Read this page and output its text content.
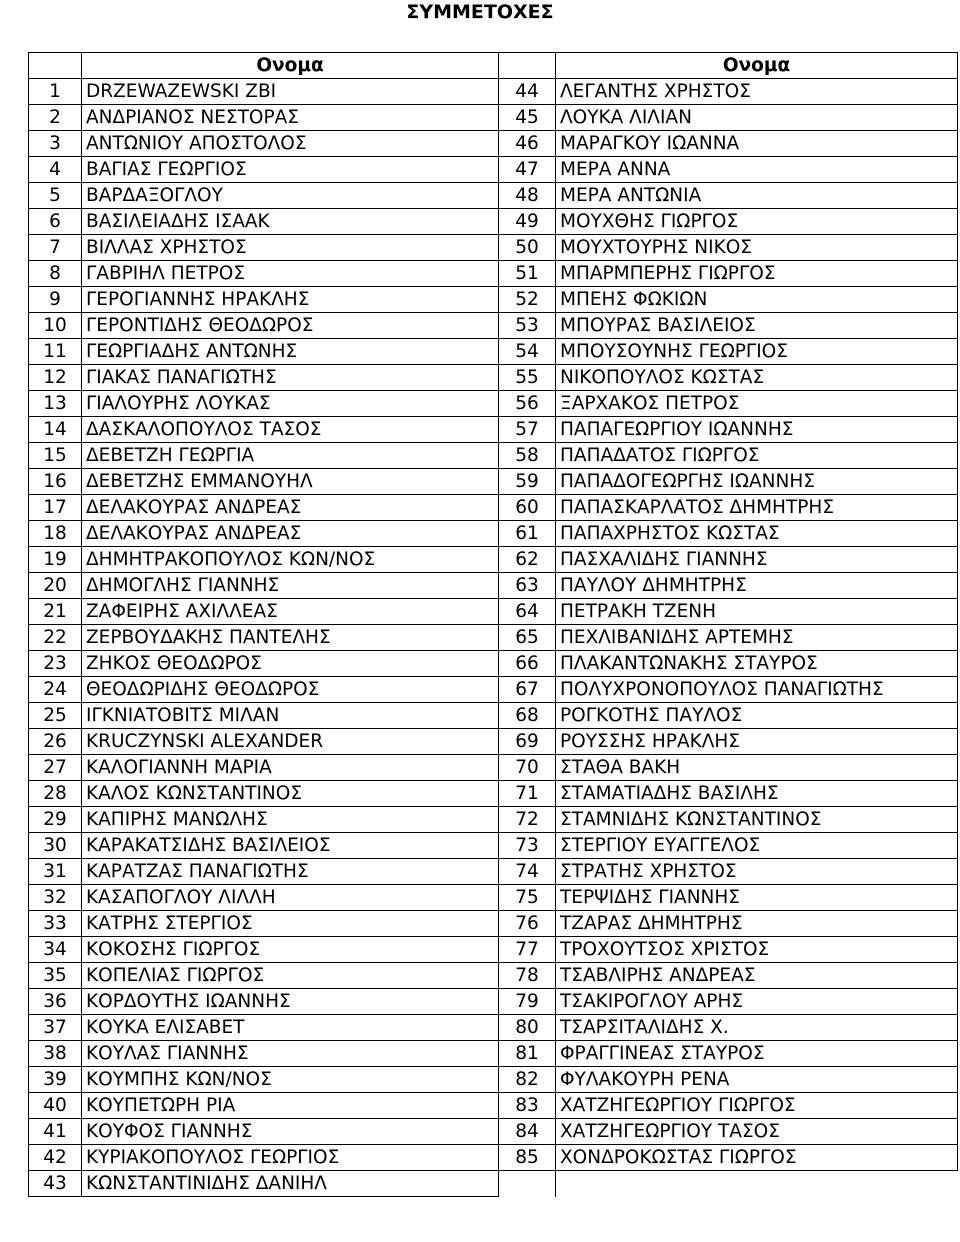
ΣΥΜΜΕΤΟΧΕΣ
	Ονομα		Ονομα
1	DRZEWAZEWSKI ZBI	44	ΛΕΓΑΝΤΗΣ ΧΡΗΣΤΟΣ
2	ΑΝΔΡΙΑΝΟΣ ΝΕΣΤΟΡΑΣ	45	ΛΟΥΚΑ ΛΙΛΙΑΝ
3	ΑΝΤΩΝΙΟΥ ΑΠΟΣΤΟΛΟΣ	46	ΜΑΡΑΓΚΟΥ ΙΩΑΝΝΑ
4	ΒΑΓΙΑΣ ΓΕΩΡΓΙΟΣ	47	ΜΕΡΑ ΑΝΝΑ
5	ΒΑΡΔΑΞΟΓΛΟΥ	48	ΜΕΡΑ ΑΝΤΩΝΙΑ
6	ΒΑΣΙΛΕΙΑΔΗΣ ΙΣΑΑΚ	49	ΜΟΥΧΘΗΣ ΓΙΩΡΓΟΣ
7	ΒΙΛΛΑΣ ΧΡΗΣΤΟΣ	50	ΜΟΥΧΤΟΥΡΗΣ ΝΙΚΟΣ
8	ΓΑΒΡΙΗΛ ΠΕΤΡΟΣ	51	ΜΠΑΡΜΠΕΡΗΣ ΓΙΩΡΓΟΣ
9	ΓΕΡΟΓΙΑΝΝΗΣ ΗΡΑΚΛΗΣ	52	ΜΠΕΗΣ ΦΩΚΙΩΝ
10	ΓΕΡΟΝΤΙΔΗΣ ΘΕΟΔΩΡΟΣ	53	ΜΠΟΥΡΑΣ ΒΑΣΙΛΕΙΟΣ
11	ΓΕΩΡΓΙΑΔΗΣ ΑΝΤΩΝΗΣ	54	ΜΠΟΥΣΟΥΝΗΣ ΓΕΩΡΓΙΟΣ
12	ΓΙΑΚΑΣ ΠΑΝΑΓΙΩΤΗΣ	55	ΝΙΚΟΠΟΥΛΟΣ ΚΩΣΤΑΣ
13	ΓΙΑΛΟΥΡΗΣ ΛΟΥΚΑΣ	56	ΞΑΡΧΑΚΟΣ ΠΕΤΡΟΣ
14	ΔΑΣΚΑΛΟΠΟΥΛΟΣ ΤΑΣΟΣ	57	ΠΑΠΑΓΕΩΡΓΙΟΥ ΙΩΑΝΝΗΣ
15	ΔΕΒΕΤΖΗ ΓΕΩΡΓΙΑ	58	ΠΑΠΑΔΑΤΟΣ ΓΙΩΡΓΟΣ
16	ΔΕΒΕΤΖΗΣ ΕΜΜΑΝΟΥΗΛ	59	ΠΑΠΑΔΟΓΕΩΡΓΗΣ ΙΩΑΝΝΗΣ
17	ΔΕΛΑΚΟΥΡΑΣ ΑΝΔΡΕΑΣ	60	ΠΑΠΑΣΚΑΡΛΑΤΟΣ ΔΗΜΗΤΡΗΣ
18	ΔΕΛΑΚΟΥΡΑΣ ΑΝΔΡΕΑΣ	61	ΠΑΠΑΧΡΗΣΤΟΣ ΚΩΣΤΑΣ
19	ΔΗΜΗΤΡΑΚΟΠΟΥΛΟΣ ΚΩΝ/ΝΟΣ	62	ΠΑΣΧΑΛΙΔΗΣ ΓΙΑΝΝΗΣ
20	ΔΗΜΟΓΛΗΣ ΓΙΑΝΝΗΣ	63	ΠΑΥΛΟΥ ΔΗΜΗΤΡΗΣ
21	ΖΑΦΕΙΡΗΣ ΑΧΙΛΛΕΑΣ	64	ΠΕΤΡΑΚΗ ΤΖΕΝΗ
22	ΖΕΡΒΟΥΔΑΚΗΣ ΠΑΝΤΕΛΗΣ	65	ΠΕΧΛΙΒΑΝΙΔΗΣ ΑΡΤΕΜΗΣ
23	ΖΗΚΟΣ ΘΕΟΔΩΡΟΣ	66	ΠΛΑΚΑΝΤΩΝΑΚΗΣ ΣΤΑΥΡΟΣ
24	ΘΕΟΔΩΡΙΔΗΣ ΘΕΟΔΩΡΟΣ	67	ΠΟΛΥΧΡΟΝΟΠΟΥΛΟΣ ΠΑΝΑΓΙΩΤΗΣ
25	ΙΓΚΝΙΑΤΟΒΙΤΣ ΜΙΛΑΝ	68	ΡΟΓΚΟΤΗΣ ΠΑΥΛΟΣ
26	KRUCZYNSKI ALEXANDER	69	ΡΟΥΣΣΗΣ ΗΡΑΚΛΗΣ
27	ΚΑΛΟΓΙΑΝΝΗ ΜΑΡΙΑ	70	ΣΤΑΘΑ ΒΑΚΗ
28	ΚΑΛΟΣ ΚΩΝΣΤΑΝΤΙΝΟΣ	71	ΣΤΑΜΑΤΙΑΔΗΣ ΒΑΣΙΛΗΣ
29	ΚΑΠΙΡΗΣ ΜΑΝΩΛΗΣ	72	ΣΤΑΜΝΙΔΗΣ ΚΩΝΣΤΑΝΤΙΝΟΣ
30	ΚΑΡΑΚΑΤΣΙΔΗΣ ΒΑΣΙΛΕΙΟΣ	73	ΣΤΕΡΓΙΟΥ ΕΥΑΓΓΕΛΟΣ
31	ΚΑΡΑΤΖΑΣ ΠΑΝΑΓΙΩΤΗΣ	74	ΣΤΡΑΤΗΣ ΧΡΗΣΤΟΣ
32	ΚΑΣΑΠΟΓΛΟΥ ΛΙΛΛΗ	75	ΤΕΡΨΙΔΗΣ ΓΙΑΝΝΗΣ
33	ΚΑΤΡΗΣ ΣΤΕΡΓΙΟΣ	76	ΤΖΑΡΑΣ ΔΗΜΗΤΡΗΣ
34	ΚΟΚΟΣΗΣ ΓΙΩΡΓΟΣ	77	ΤΡΟΧΟΥΤΣΟΣ ΧΡΙΣΤΟΣ
35	ΚΟΠΕΛΙΑΣ ΓΙΩΡΓΟΣ	78	ΤΣΑΒΛΙΡΗΣ ΑΝΔΡΕΑΣ
36	ΚΟΡΔΟΥΤΗΣ ΙΩΑΝΝΗΣ	79	ΤΣΑΚΙΡΟΓΛΟΥ ΑΡΗΣ
37	ΚΟΥΚΑ ΕΛΙΣΑΒΕΤ	80	ΤΣΑΡΣΙΤΑΛΙΔΗΣ Χ.
38	ΚΟΥΛΑΣ ΓΙΑΝΝΗΣ	81	ΦΡΑΓΓΙΝΕΑΣ ΣΤΑΥΡΟΣ
39	ΚΟΥΜΠΗΣ ΚΩΝ/ΝΟΣ	82	ΦΥΛΑΚΟΥΡΗ ΡΕΝΑ
40	ΚΟΥΠΕΤΩΡΗ ΡΙΑ	83	ΧΑΤΖΗΓΕΩΡΓΙΟΥ ΓΙΩΡΓΟΣ
41	ΚΟΥΦΟΣ ΓΙΑΝΝΗΣ	84	ΧΑΤΖΗΓΕΩΡΓΙΟΥ ΤΑΣΟΣ
42	ΚΥΡΙΑΚΟΠΟΥΛΟΣ ΓΕΩΡΓΙΟΣ	85	ΧΟΝΔΡΟΚΩΣΤΑΣ ΓΙΩΡΓΟΣ
43	ΚΩΝΣΤΑΝΤΙΝΙΔΗΣ ΔΑΝΙΗΛ		
